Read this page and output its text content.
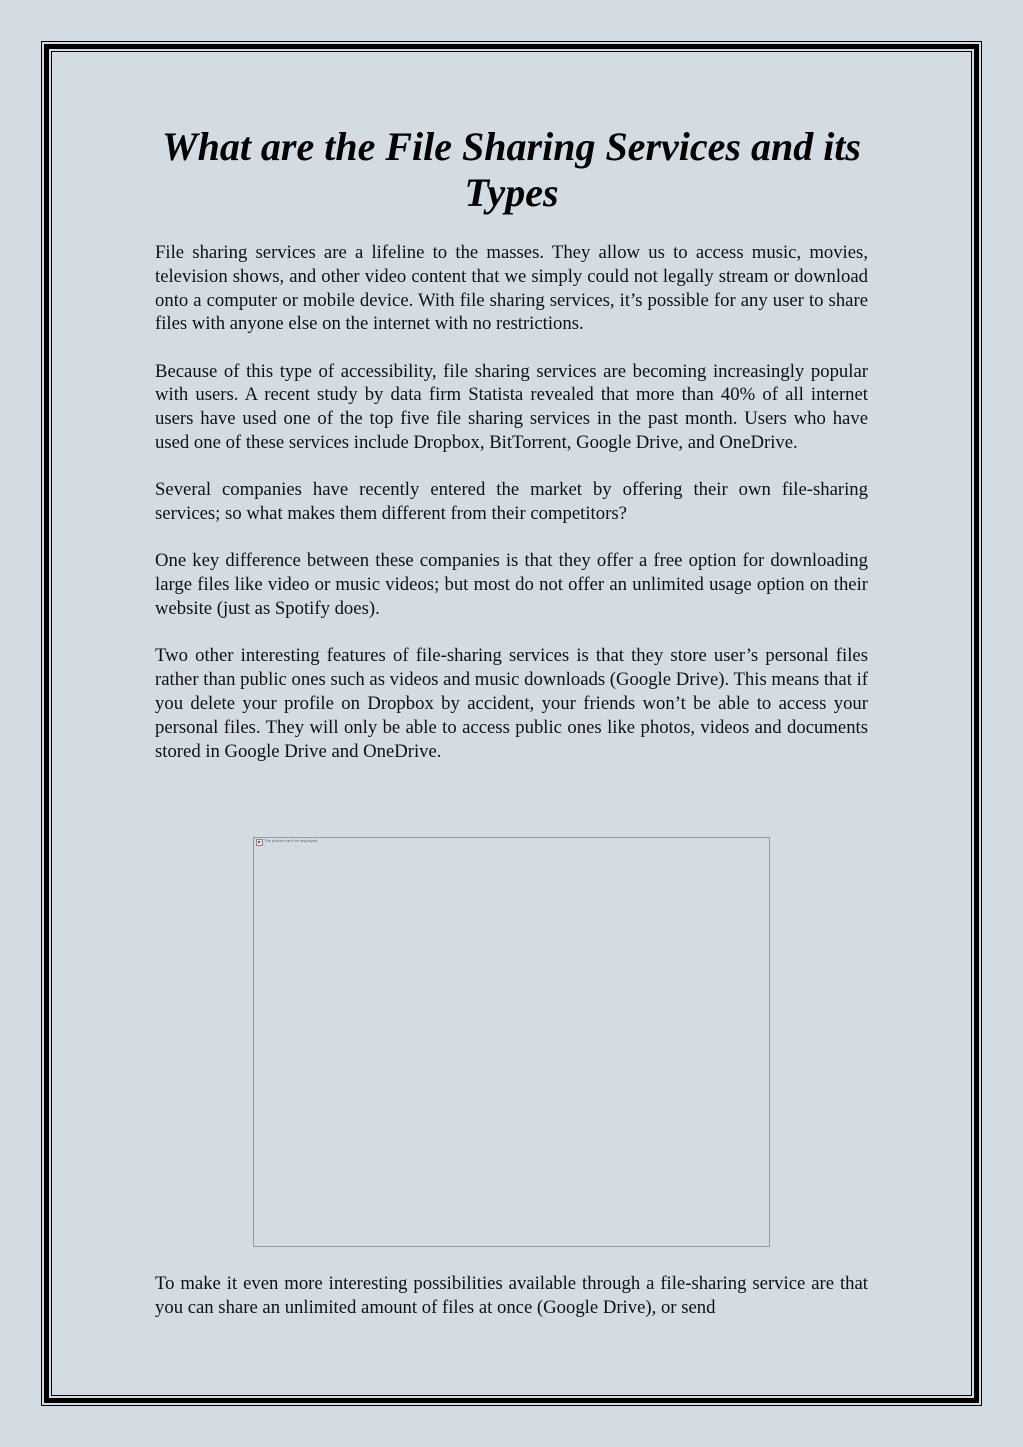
What are the File Sharing Services and its Types

File sharing services are a lifeline to the masses. They allow us to access music, movies, television shows, and other video content that we simply could not legally stream or download onto a computer or mobile device. With file sharing services, it’s possible for any user to share files with anyone else on the internet with no restrictions.

Because of this type of accessibility, file sharing services are becoming increasingly popular with users. A recent study by data firm Statista revealed that more than 40% of all internet users have used one of the top five file sharing services in the past month. Users who have used one of these services include Dropbox, BitTorrent, Google Drive, and OneDrive.

Several companies have recently entered the market by offering their own file-sharing services; so what makes them different from their competitors?

One key difference between these companies is that they offer a free option for downloading large files like video or music videos; but most do not offer an unlimited usage option on their website (just as Spotify does).

Two other interesting features of file-sharing services is that they store user’s personal files rather than public ones such as videos and music downloads (Google Drive). This means that if you delete your profile on Dropbox by accident, your friends won’t be able to access your personal files. They will only be able to access public ones like photos, videos and documents stored in Google Drive and OneDrive.

The picture can't be displayed.

To make it even more interesting possibilities available through a file-sharing service are that you can share an unlimited amount of files at once (Google Drive), or send
